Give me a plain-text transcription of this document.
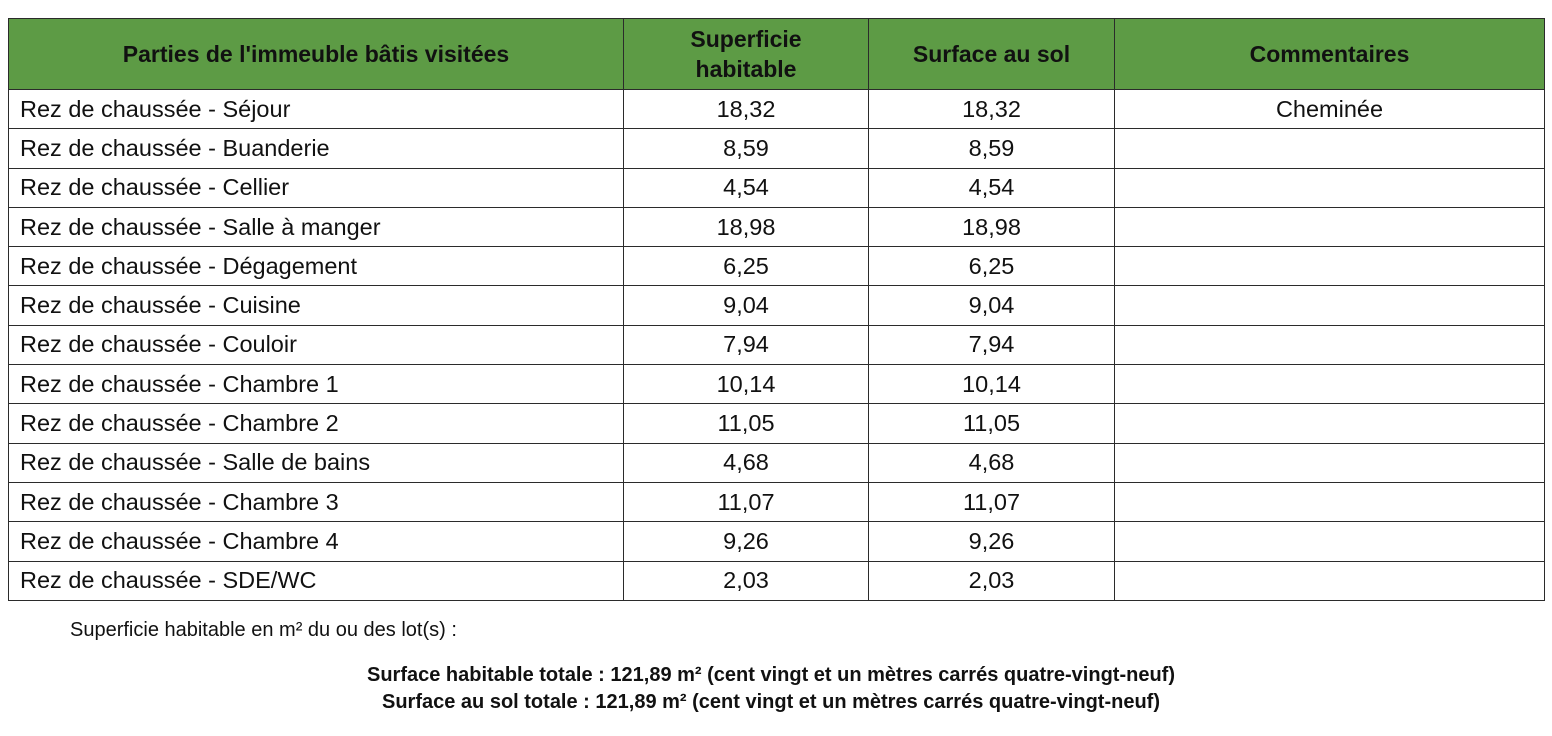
Parties de l'immeuble bâtis visitées	Superficie habitable	Surface au sol	Commentaires
Rez de chaussée - Séjour	18,32	18,32	Cheminée
Rez de chaussée - Buanderie	8,59	8,59	
Rez de chaussée - Cellier	4,54	4,54	
Rez de chaussée - Salle à manger	18,98	18,98	
Rez de chaussée - Dégagement	6,25	6,25	
Rez de chaussée - Cuisine	9,04	9,04	
Rez de chaussée - Couloir	7,94	7,94	
Rez de chaussée - Chambre 1	10,14	10,14	
Rez de chaussée - Chambre 2	11,05	11,05	
Rez de chaussée - Salle de bains	4,68	4,68	
Rez de chaussée - Chambre 3	11,07	11,07	
Rez de chaussée - Chambre 4	9,26	9,26	
Rez de chaussée - SDE/WC	2,03	2,03	
Superficie habitable en m² du ou des lot(s) :
Surface habitable totale : 121,89 m² (cent vingt et un mètres carrés quatre-vingt-neuf)
Surface au sol totale : 121,89 m² (cent vingt et un mètres carrés quatre-vingt-neuf)
